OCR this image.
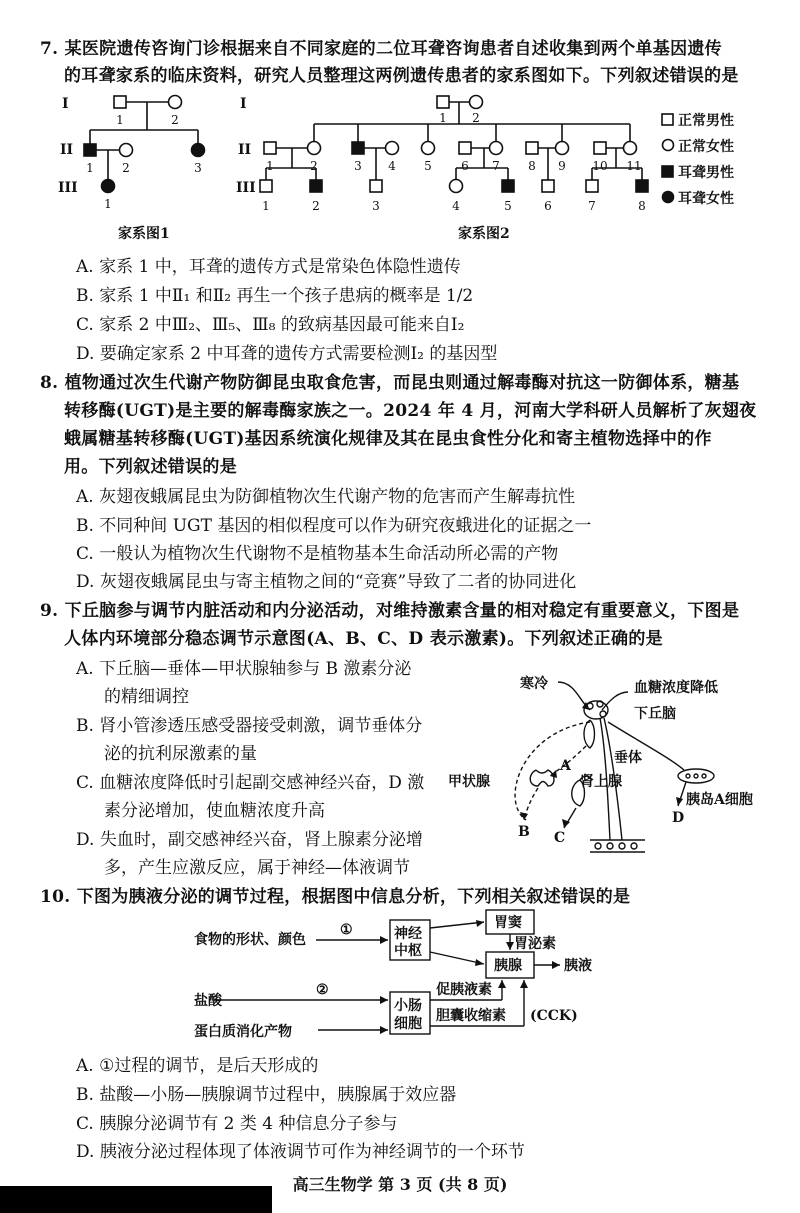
7. 某医院遗传咨询门诊根据来自不同家庭的二位耳聋咨询患者自述收集到两个单基因遗传
的耳聋家系的临床资料，研究人员整理这两例遗传患者的家系图如下。下列叙述错误的是
I
II
III
I
II
III
1	2
1 2	3
1
1 2
1	2	3 4 5 6 7 8 9 10 11
1	2	3	4	5	6	7	8
正常男性
正常女性
耳聋男性
耳聋女性
家系图1	家系图2
A. 家系 1 中，耳聋的遗传方式是常染色体隐性遗传
B. 家系 1 中Ⅱ₁ 和Ⅱ₂ 再生一个孩子患病的概率是 1/2
C. 家系 2 中Ⅲ₂、Ⅲ₅、Ⅲ₈ 的致病基因最可能来自Ⅰ₂
D. 要确定家系 2 中耳聋的遗传方式需要检测Ⅰ₂ 的基因型
8. 植物通过次生代谢产物防御昆虫取食危害，而昆虫则通过解毒酶对抗这一防御体系，糖基
转移酶(UGT)是主要的解毒酶家族之一。2024 年 4 月，河南大学科研人员解析了灰翅夜
蛾属糖基转移酶(UGT)基因系统演化规律及其在昆虫食性分化和寄主植物选择中的作
用。下列叙述错误的是
A. 灰翅夜蛾属昆虫为防御植物次生代谢产物的危害而产生解毒抗性
B. 不同种间 UGT 基因的相似程度可以作为研究夜蛾进化的证据之一
C. 一般认为植物次生代谢物不是植物基本生命活动所必需的产物
D. 灰翅夜蛾属昆虫与寄主植物之间的“竞赛”导致了二者的协同进化
9. 下丘脑参与调节内脏活动和内分泌活动，对维持激素含量的相对稳定有重要意义，下图是
人体内环境部分稳态调节示意图(A、B、C、D 表示激素)。下列叙述正确的是
A. 下丘脑—垂体—甲状腺轴参与 B 激素分泌
的精细调控
B. 肾小管渗透压感受器接受刺激，调节垂体分
泌的抗利尿激素的量
C. 血糖浓度降低时引起副交感神经兴奋，D 激
素分泌增加，使血糖浓度升高
D. 失血时，副交感神经兴奋，肾上腺素分泌增
多，产生应激反应，属于神经—体液调节
寒冷	血糖浓度降低
下丘脑
垂体
甲状腺	肾上腺
胰岛A细胞
A
B C
D
10. 下图为胰液分泌的调节过程，根据图中信息分析，下列相关叙述错误的是
食物的形状、颜色
①
②
神经
中枢
胃窦
胃泌素
胰腺	胰液
盐酸
蛋白质消化产物
小肠
细胞
促胰液素
胆囊收缩素 (CCK)
A. ①过程的调节，是后天形成的
B. 盐酸—小肠—胰腺调节过程中，胰腺属于效应器
C. 胰腺分泌调节有 2 类 4 种信息分子参与
D. 胰液分泌过程体现了体液调节可作为神经调节的一个环节
高三生物学 第 3 页 (共 8 页)
